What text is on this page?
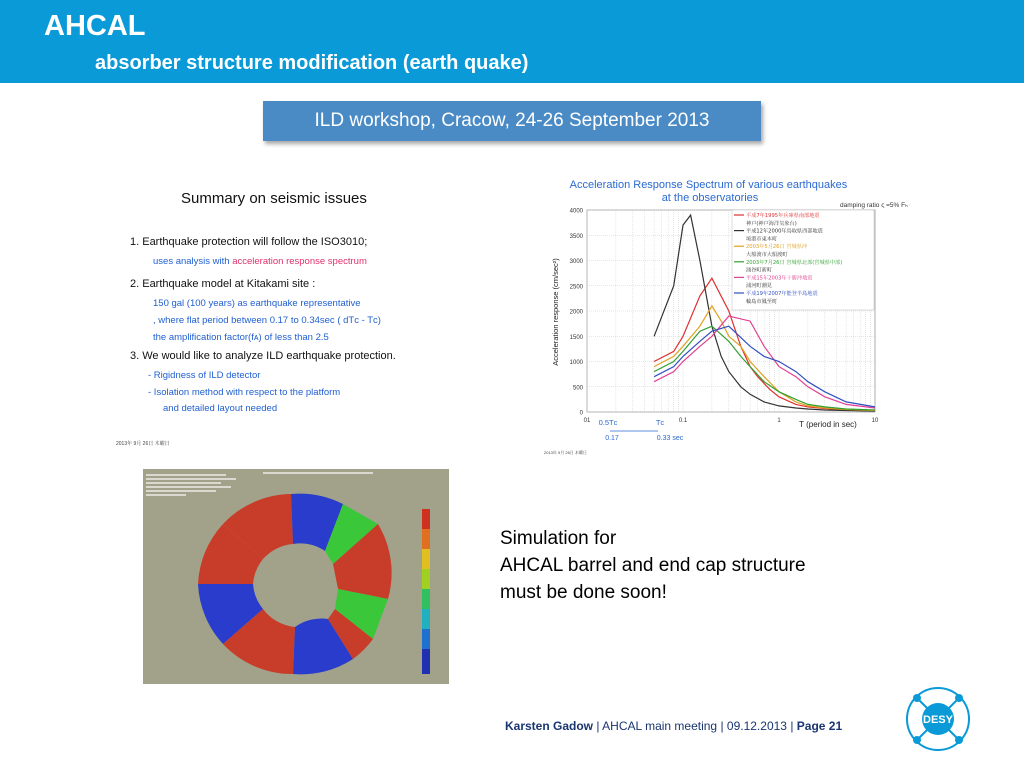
AHCAL
absorber structure modification (earth quake)
ILD workshop, Cracow, 24-26 September 2013
Summary on seismic issues
1. Earthquake protection will follow the ISO3010;
uses analysis with acceleration response spectrum
2. Earthquake model at Kitakami site :
150 gal (100 years) as earthquake representative
, where flat period between 0.17 to 0.34sec ( dTᴄ - Tᴄ)
the amplification factor(fᴀ) of less than 2.5
3. We would like to analyze ILD earthquake protection.
- Rigidness of ILD detector
- Isolation method with respect to the platform
and detailed layout needed
2013年 9月 26日 木曜日
Acceleration Response Spectrum of various earthquakes at the observatories
damping ratio ς =5% Fₕ =1
0
500
1000
1500
2000
2500
3000
3500
4000
01	0.1	1	10
平成7年1995年兵庫県南部地震
神戸(神戸海洋気象台)
平成12年2000年鳥取県西部地震
境港市東本町
2003年5月26日 宮城県沖
大船渡市大船渡町
2003年7月26日 宮城県北部(宮城県中部)
涌谷町新町
平成15年2003年十勝沖地震
浦河町潮見
平成19年2007年能登半島地震
輪島市鳳至町
Acceleration response (cm/sec²)
T (period in sec)
0.5Tᴄ	Tᴄ
0.17	0.33 sec
2013年 9月 26日 木曜日
Simulation for
AHCAL barrel and end cap structure
must be done soon!
Karsten Gadow | AHCAL main meeting | 09.12.2013 | Page 21	DESY
